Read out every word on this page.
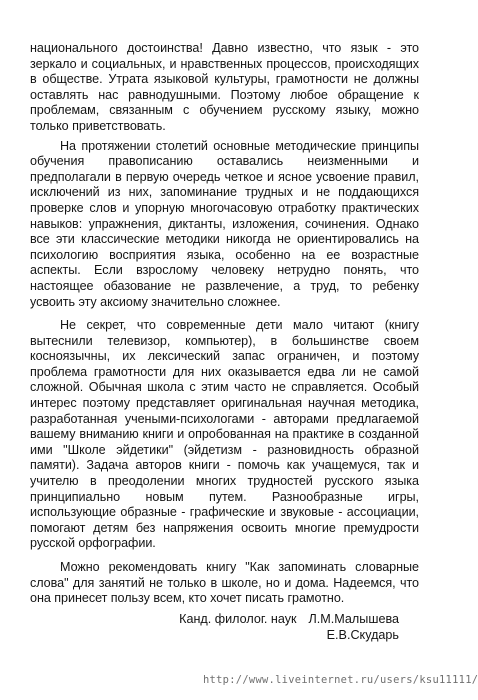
национального достоинства! Давно известно, что язык - это зеркало и социальных, и нравственных процессов, происходящих в обществе. Утрата языковой культуры, грамотности не должны оставлять нас равнодушными. Поэтому любое обращение к проблемам, связанным с обучением русскому языку, можно только приветствовать.

На протяжении столетий основные методические принципы обучения правописанию оставались неизменными и предполагали в первую очередь четкое и ясное усвоение правил, исключений из них, запоминание трудных и не поддающихся проверке слов и упорную многочасовую отработку практических навыков: упражнения, диктанты, изложения, сочинения. Однако все эти классические методики никогда не ориентировались на психологию восприятия языка, особенно на ее возрастные аспекты. Если взрослому человеку нетрудно понять, что настоящее обазование не развлечение, а труд, то ребенку усвоить эту аксиому значительно сложнее.

Не секрет, что современные дети мало читают (книгу вытеснили телевизор, компьютер), в большинстве своем косноязычны, их лексический запас ограничен, и поэтому проблема грамотности для них оказывается едва ли не самой сложной. Обычная школа с этим часто не справляется. Особый интерес поэтому представляет оригинальная научная методика, разработанная учеными-психологами - авторами предлагаемой вашему вниманию книги и опробованная на практике в созданной ими "Школе эйдетики" (эйдетизм - разновидность образной памяти). Задача авторов книги - помочь как учащемуся, так и учителю в преодолении многих трудностей русского языка принципиально новым путем. Разнообразные игры, использующие образные - графические и звуковые - ассоциации, помогают детям без напряжения освоить многие премудрости русской орфографии.

Можно рекомендовать книгу "Как запоминать словарные слова" для занятий не только в школе, но и дома. Надеемся, что она принесет пользу всем, кто хочет писать грамотно.

Канд. филолог. наук Л.М.Малышева
Е.В.Скударь
http://www.liveinternet.ru/users/ksu11111/
